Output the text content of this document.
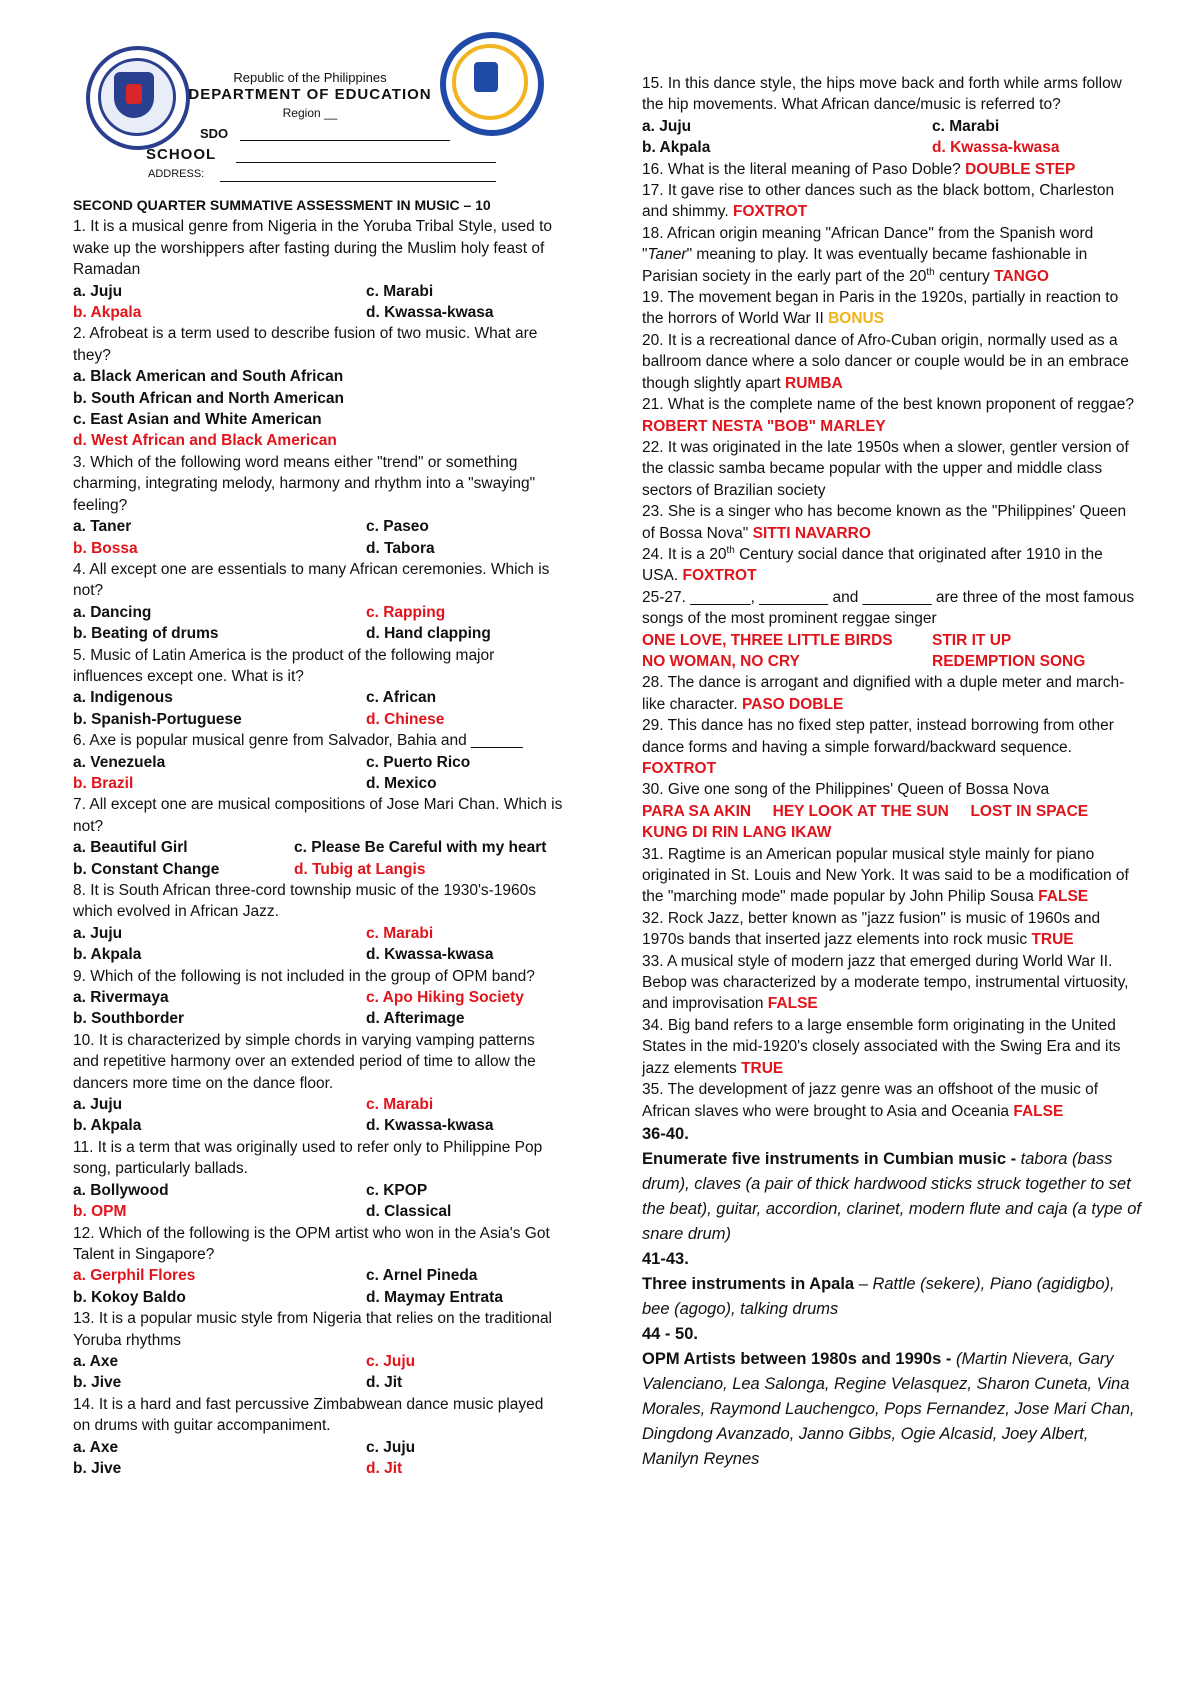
Republic of the Philippines
DEPARTMENT OF EDUCATION
Region __
SDO
SCHOOL
ADDRESS:

SECOND QUARTER SUMMATIVE ASSESSMENT IN MUSIC – 10

1. It is a musical genre from Nigeria in the Yoruba Tribal Style, used to wake up the worshippers after fasting during the Muslim holy feast of Ramadan

a. Juju	c. Marabi
b. Akpala	d. Kwassa-kwasa

2. Afrobeat is a term used to describe fusion of two music. What are they?

a. Black American and South African

b. South African and North American

c. East Asian and White American

d. West African and Black American

3. Which of the following word means either "trend" or something charming, integrating melody, harmony and rhythm into a "swaying" feeling?

a. Taner	c. Paseo
b. Bossa	d. Tabora

4. All except one are essentials to many African ceremonies. Which is not?

a. Dancing	c. Rapping
b. Beating of drums	d. Hand clapping

5. Music of Latin America is the product of the following major influences except one. What is it?

a. Indigenous	c. African
b. Spanish-Portuguese	d. Chinese

6. Axe is popular musical genre from Salvador, Bahia and ______

a. Venezuela	c. Puerto Rico
b. Brazil	d. Mexico

7. All except one are musical compositions of Jose Mari Chan. Which is not?

a. Beautiful Girl	c. Please Be Careful with my heart
b. Constant Change	d. Tubig at Langis

8. It is South African three-cord township music of the 1930's-1960s which evolved in African Jazz.

a. Juju	c. Marabi
b. Akpala	d. Kwassa-kwasa

9. Which of the following is not included in the group of OPM band?

a. Rivermaya	c. Apo Hiking Society
b. Southborder	d. Afterimage

10. It is characterized by simple chords in varying vamping patterns and repetitive harmony over an extended period of time to allow the dancers more time on the dance floor.

a. Juju	c. Marabi
b. Akpala	d. Kwassa-kwasa

11. It is a term that was originally used to refer only to Philippine Pop song, particularly ballads.

a. Bollywood	c. KPOP
b. OPM	d. Classical

12. Which of the following is the OPM artist who won in the Asia's Got Talent in Singapore?

a. Gerphil Flores	c. Arnel Pineda
b. Kokoy Baldo	d. Maymay Entrata

13. It is a popular music style from Nigeria that relies on the traditional Yoruba rhythms

a. Axe	c. Juju
b. Jive	d. Jit

14. It is a hard and fast percussive Zimbabwean dance music played on drums with guitar accompaniment.

a. Axe	c. Juju
b. Jive	d. Jit

15. In this dance style, the hips move back and forth while arms follow the hip movements. What African dance/music is referred to?

a. Juju	c. Marabi
b. Akpala	d. Kwassa-kwasa

16. What is the literal meaning of Paso Doble? DOUBLE STEP

17. It gave rise to other dances such as the black bottom, Charleston and shimmy. FOXTROT

18. African origin meaning "African Dance" from the Spanish word "Taner" meaning to play. It was eventually became fashionable in Parisian society in the early part of the 20th century TANGO

19. The movement began in Paris in the 1920s, partially in reaction to the horrors of World War II BONUS

20. It is a recreational dance of Afro-Cuban origin, normally used as a ballroom dance where a solo dancer or couple would be in an embrace though slightly apart RUMBA

21. What is the complete name of the best known proponent of reggae? ROBERT NESTA "BOB" MARLEY

22. It was originated in the late 1950s when a slower, gentler version of the classic samba became popular with the upper and middle class sectors of Brazilian society

23. She is a singer who has become known as the "Philippines' Queen of Bossa Nova" SITTI NAVARRO

24. It is a 20th Century social dance that originated after 1910 in the USA. FOXTROT

25-27. _______, ________ and ________ are three of the most famous songs of the most prominent reggae singer

ONE LOVE, THREE LITTLE BIRDS	STIR IT UP
NO WOMAN, NO CRY	REDEMPTION SONG

28. The dance is arrogant and dignified with a duple meter and march-like character. PASO DOBLE

29. This dance has no fixed step patter, instead borrowing from other dance forms and having a simple forward/backward sequence. FOXTROT

30. Give one song of the Philippines' Queen of Bossa Nova

PARA SA AKIN HEY LOOK AT THE SUN LOST IN SPACE

KUNG DI RIN LANG IKAW

31. Ragtime is an American popular musical style mainly for piano originated in St. Louis and New York. It was said to be a modification of the "marching mode" made popular by John Philip Sousa FALSE

32. Rock Jazz, better known as "jazz fusion" is music of 1960s and 1970s bands that inserted jazz elements into rock music TRUE

33. A musical style of modern jazz that emerged during World War II. Bebop was characterized by a moderate tempo, instrumental virtuosity, and improvisation FALSE

34. Big band refers to a large ensemble form originating in the United States in the mid-1920's closely associated with the Swing Era and its jazz elements TRUE

35. The development of jazz genre was an offshoot of the music of African slaves who were brought to Asia and Oceania FALSE

36-40.

Enumerate five instruments in Cumbian music - tabora (bass drum), claves (a pair of thick hardwood sticks struck together to set the beat), guitar, accordion, clarinet, modern flute and caja (a type of snare drum)

41-43.

Three instruments in Apala – Rattle (sekere), Piano (agidigbo), bee (agogo), talking drums

44 - 50.

OPM Artists between 1980s and 1990s - (Martin Nievera, Gary Valenciano, Lea Salonga, Regine Velasquez, Sharon Cuneta, Vina Morales, Raymond Lauchengco, Pops Fernandez, Jose Mari Chan, Dingdong Avanzado, Janno Gibbs, Ogie Alcasid, Joey Albert, Manilyn Reynes
